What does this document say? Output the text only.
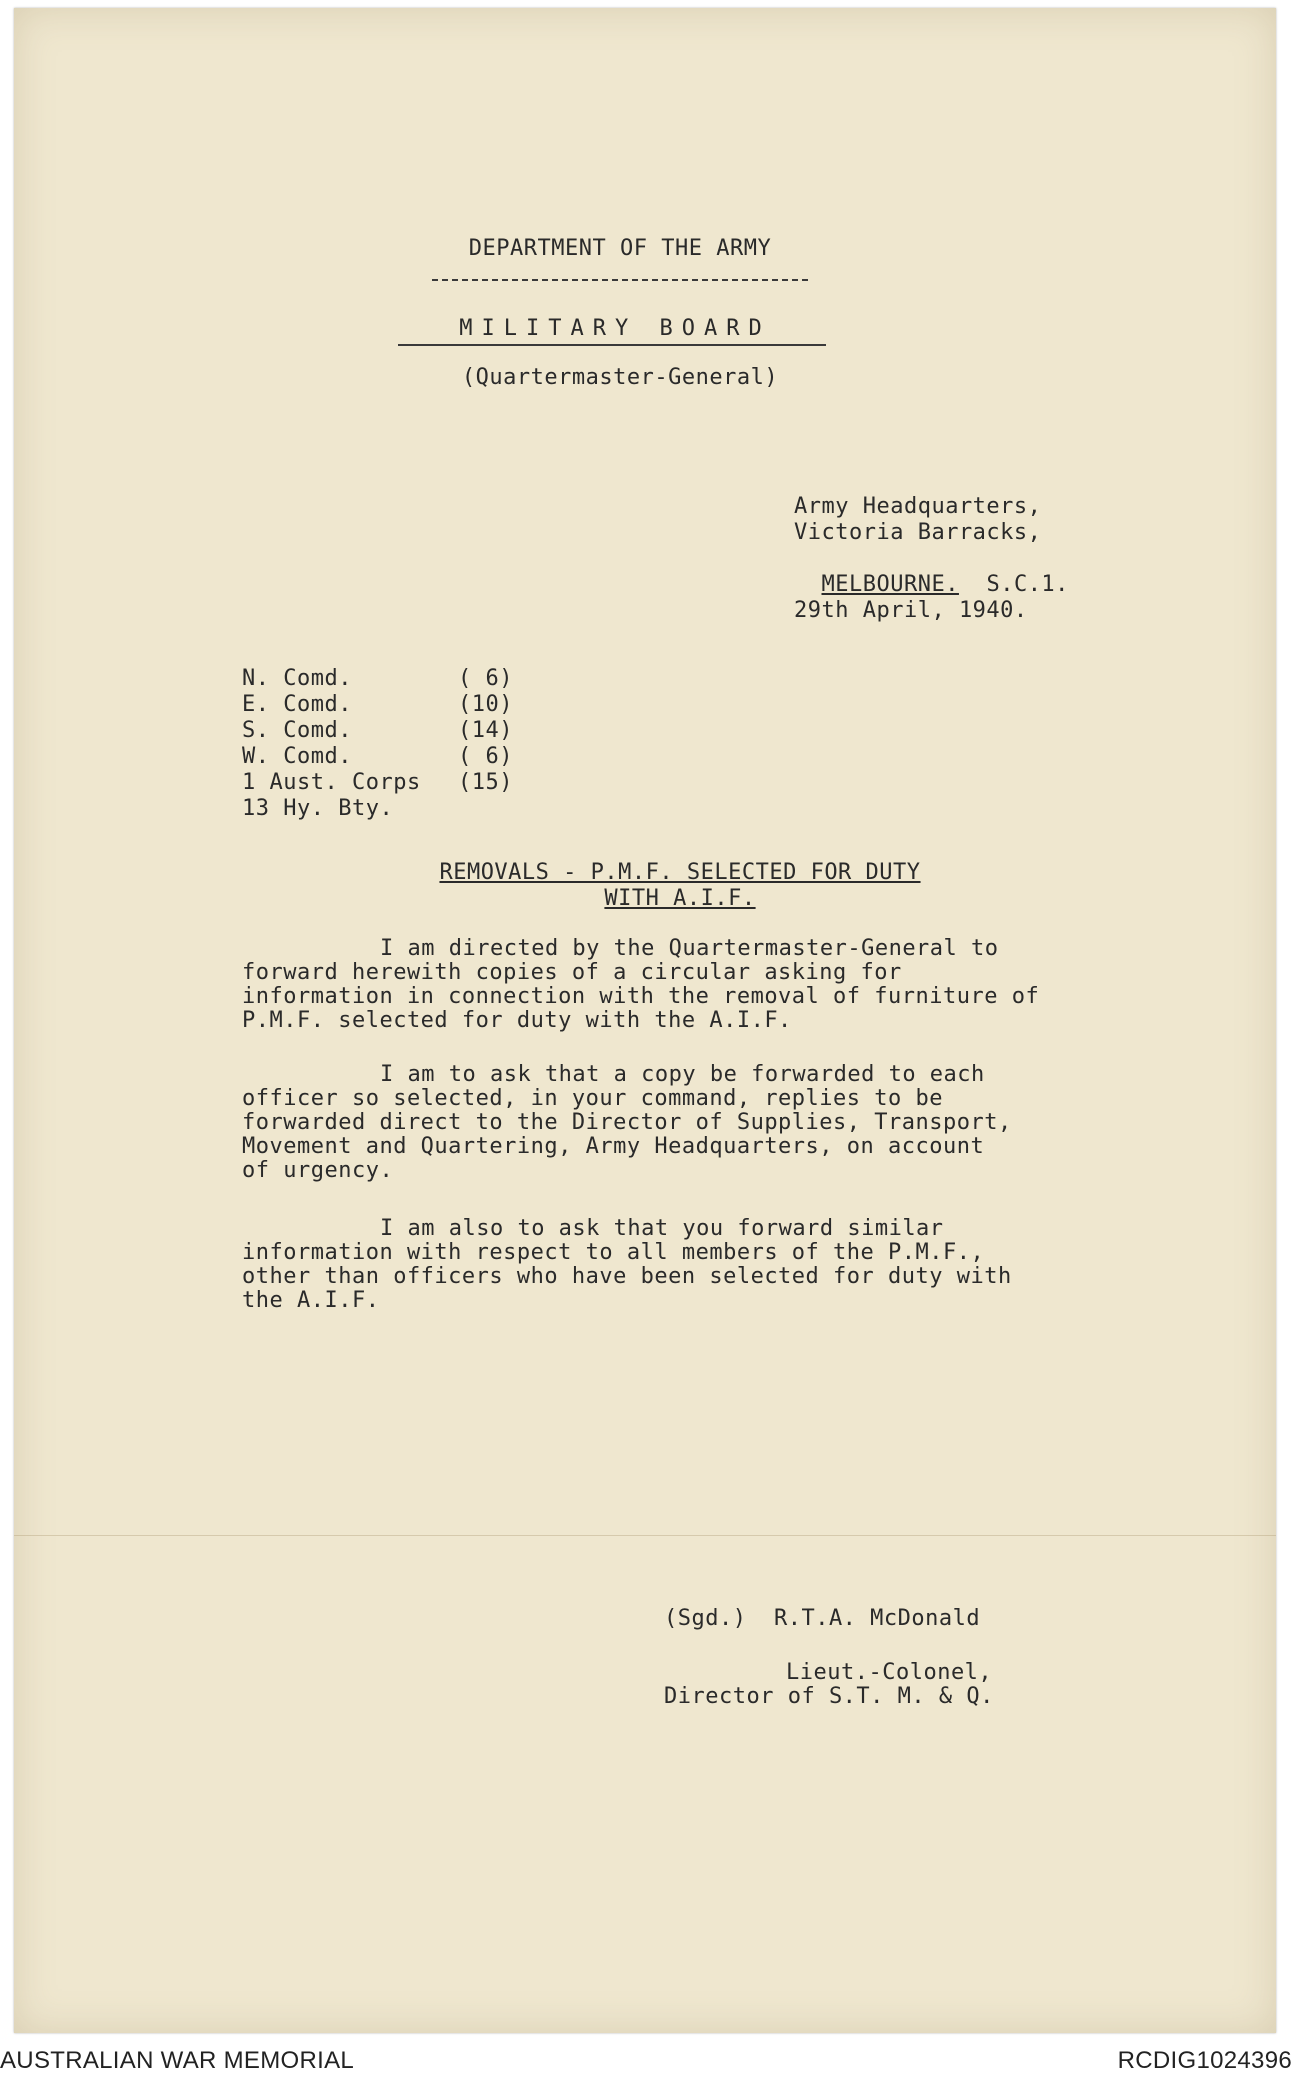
DEPARTMENT OF THE ARMY
MILITARY BOARD
(Quartermaster-General)
Army Headquarters,
Victoria Barracks,

MELBOURNE. S.C.1.

29th April, 1940.
N. Comd.	( 6)
E. Comd.	(10)
S. Comd.	(14)
W. Comd.	( 6)
1 Aust. Corps (15)
13 Hy. Bty.
REMOVALS - P.M.F. SELECTED FOR DUTY
WITH A.I.F.
I am directed by the Quartermaster-General to
forward herewith copies of a circular asking for
information in connection with the removal of furniture of
P.M.F. selected for duty with the A.I.F.
I am to ask that a copy be forwarded to each
officer so selected, in your command, replies to be
forwarded direct to the Director of Supplies, Transport,
Movement and Quartering, Army Headquarters, on account
of urgency.
I am also to ask that you forward similar
information with respect to all members of the P.M.F.,
other than officers who have been selected for duty with
the A.I.F.
(Sgd.)  R.T.A. McDonald
Lieut.-Colonel,
Director of S.T. M. & Q.
AUSTRALIAN WAR MEMORIAL	RCDIG1024396
